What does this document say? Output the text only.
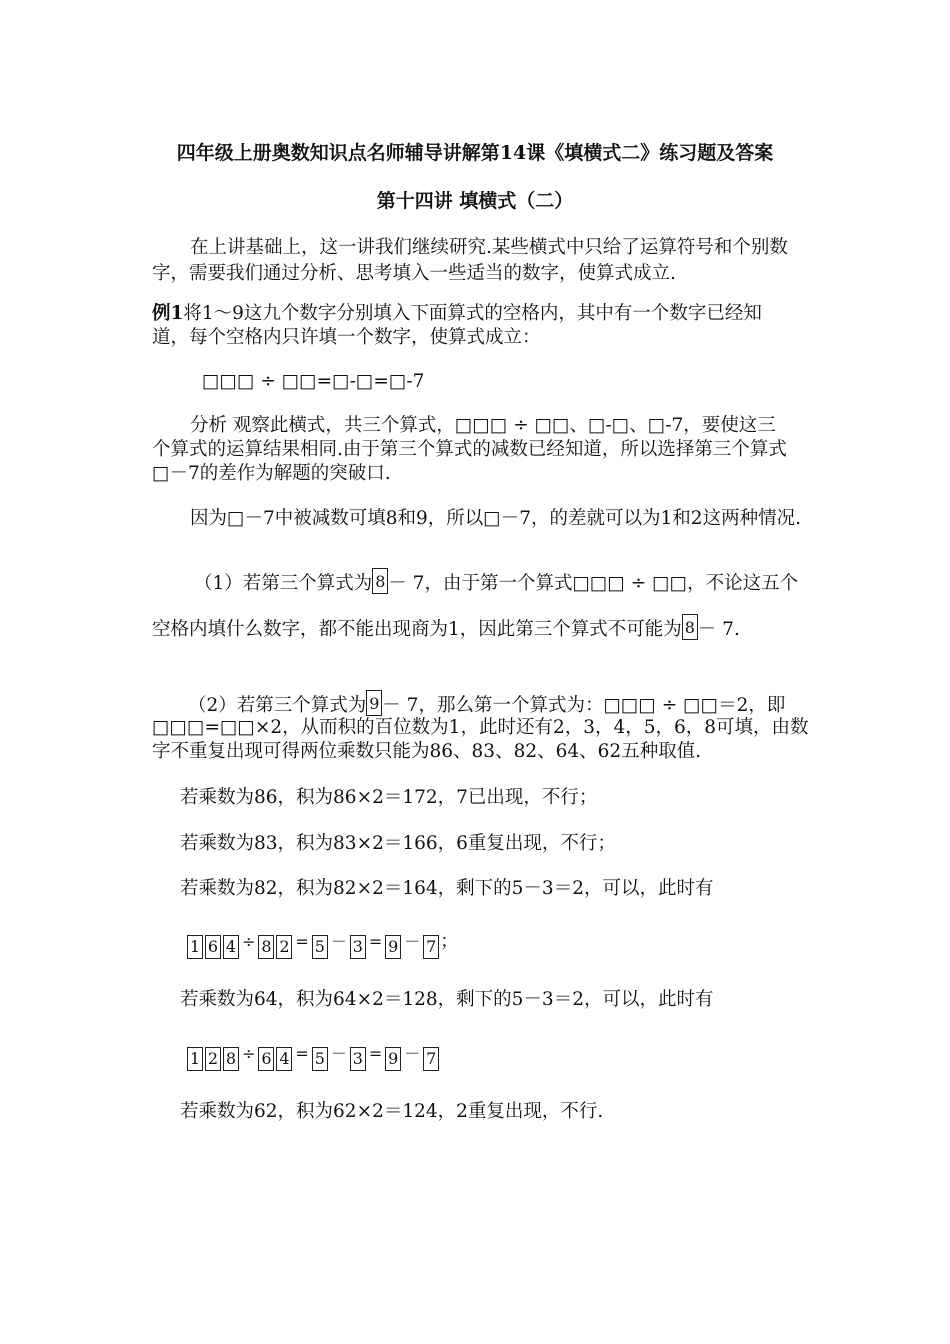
四年级上册奥数知识点名师辅导讲解第14课《填横式二》练习题及答案
第十四讲 填横式（二）
在上讲基础上，这一讲我们继续研究.某些横式中只给了运算符号和个别数
字，需要我们通过分析、思考填入一些适当的数字，使算式成立.
例1将1～9这九个数字分别填入下面算式的空格内，其中有一个数字已经知
道，每个空格内只许填一个数字，使算式成立：
□□□ ÷ □□=□-□=□-7
分析 观察此横式，共三个算式，□□□ ÷ □□、□-□、□-7，要使这三
个算式的运算结果相同.由于第三个算式的减数已经知道，所以选择第三个算式
□－7的差作为解题的突破口.
因为□－7中被减数可填8和9，所以□－7，的差就可以为1和2这两种情况.
（1）若第三个算式为 8 － 7，由于第一个算式□□□ ÷ □□，不论这五个
空格内填什么数字，都不能出现商为1，因此第三个算式不可能为 8 － 7.
（2）若第三个算式为 9 － 7，那么第一个算式为：□□□ ÷ □□＝2，即
□□□=□□×2，从而积的百位数为1，此时还有2，3，4，5，6，8可填，由数
字不重复出现可得两位乘数只能为86、83、82、64、62五种取值.
若乘数为86，积为86×2＝172，7已出现，不行；
若乘数为83，积为83×2＝166，6重复出现，不行；
若乘数为82，积为82×2＝164，剩下的5－3＝2，可以，此时有
1 6 4 ÷ 8 2 = 5 － 3 = 9 － 7 ；
若乘数为64，积为64×2＝128，剩下的5－3＝2，可以，此时有
1 2 8 ÷ 6 4 = 5 － 3 = 9 － 7
若乘数为62，积为62×2＝124，2重复出现，不行.
